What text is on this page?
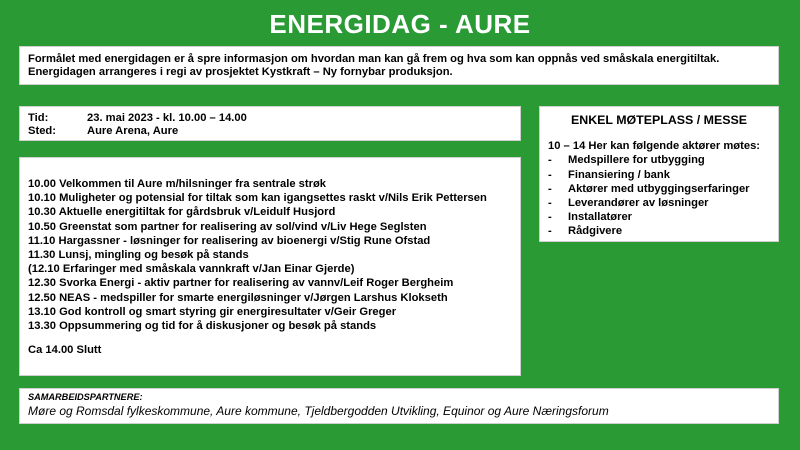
ENERGIDAG - AURE
Formålet med energidagen er å spre informasjon om hvordan man kan gå frem og hva som kan oppnås ved småskala energitiltak.
Energidagen arrangeres i regi av prosjektet Kystkraft – Ny fornybar produksjon.
Tid:	23. mai 2023 - kl. 10.00 – 14.00
Sted:	Aure Arena, Aure
10.00 Velkommen til Aure m/hilsninger fra sentrale strøk
10.10 Muligheter og potensial for tiltak som kan igangsettes raskt v/Nils Erik Pettersen
10.30 Aktuelle energitiltak for gårdsbruk v/Leidulf Husjord
10.50 Greenstat som partner for realisering av sol/vind v/Liv Hege Seglsten
11.10 Hargassner - løsninger for realisering av bioenergi v/Stig Rune Ofstad
11.30 Lunsj, mingling og besøk på stands
(12.10 Erfaringer med småskala vannkraft v/Jan Einar Gjerde)
12.30 Svorka Energi - aktiv partner for realisering av vannv/Leif Roger Bergheim
12.50 NEAS - medspiller for smarte energiløsninger v/Jørgen Larshus Klokseth
13.10 God kontroll og smart styring gir energiresultater v/Geir Greger
13.30 Oppsummering og tid for å diskusjoner og besøk på stands
Ca 14.00 Slutt
ENKEL MØTEPLASS / MESSE
10 – 14 Her kan følgende aktører møtes:
-	Medspillere for utbygging
-	Finansiering / bank
-	Aktører med utbyggingserfaringer
-	Leverandører av løsninger
-	Installatører
-	Rådgivere
SAMARBEIDSPARTNERE:
Møre og Romsdal fylkeskommune, Aure kommune, Tjeldbergodden Utvikling, Equinor og Aure Næringsforum
